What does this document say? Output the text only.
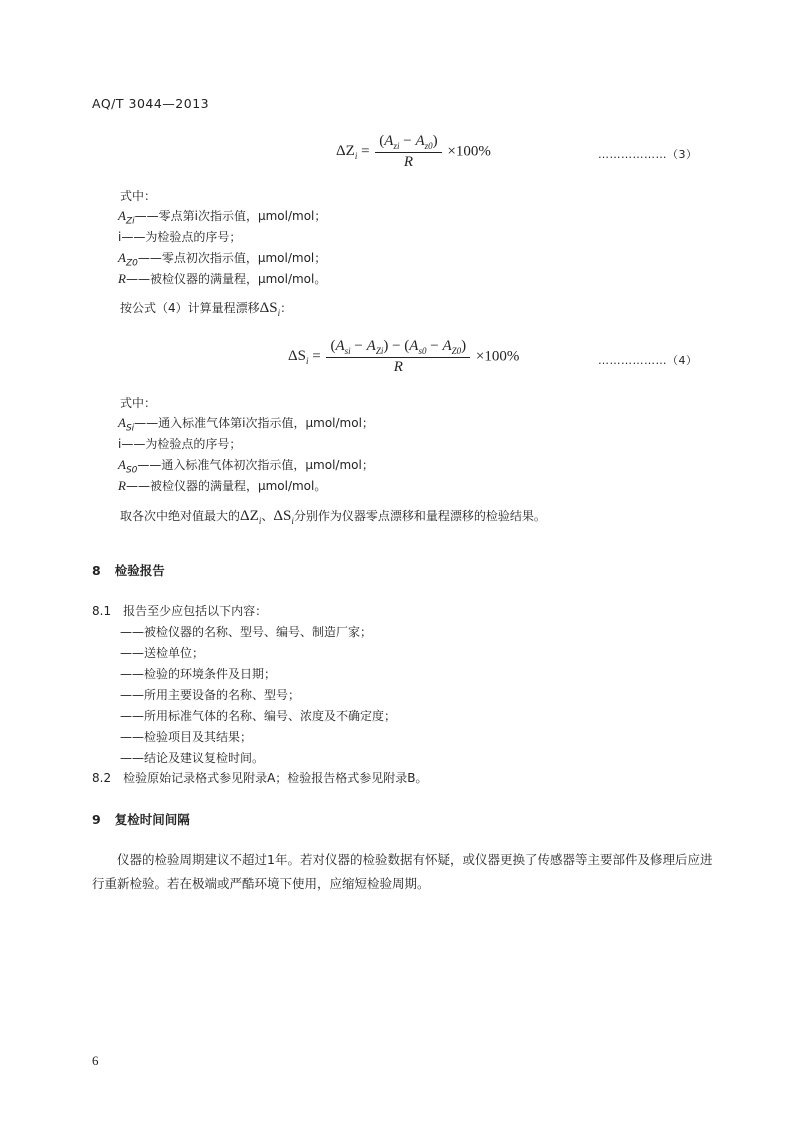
AQ/T 3044—2013
$\Delta Z_i = \frac{(A_{zi} - A_{z0})}{R} \times 100\%$	………………（3）
式中：
$A_{Zi}——$零点第i次指示值，μmol/mol；
i——为检验点的序号；
$A_{Z0}——$零点初次指示值，μmol/mol；
R——被检仪器的满量程，μmol/mol。
按公式（4）计算量程漂移$\Delta S_i$：
$\Delta S_i = \frac{(A_{si} - A_{Zi}) - (A_{s0} - A_{Z0})}{R} \times 100\%$	………………（4）
式中：
$A_{Si}——$通入标准气体第i次指示值，μmol/mol；
i——为检验点的序号；
$A_{S0}——$通入标准气体初次指示值，μmol/mol；
R——被检仪器的满量程，μmol/mol。
取各次中绝对值最大的$\Delta Z_i$、$\Delta S_i$分别作为仪器零点漂移和量程漂移的检验结果。
8 检验报告
8.1 报告至少应包括以下内容：
——被检仪器的名称、型号、编号、制造厂家；
——送检单位；
——检验的环境条件及日期；
——所用主要设备的名称、型号；
——所用标准气体的名称、编号、浓度及不确定度；
——检验项目及其结果；
——结论及建议复检时间。
8.2 检验原始记录格式参见附录A；检验报告格式参见附录B。
9 复检时间间隔
仪器的检验周期建议不超过1年。若对仪器的检验数据有怀疑，或仪器更换了传感器等主要部件及修理后应进行重新检验。若在极端或严酷环境下使用，应缩短检验周期。
6
